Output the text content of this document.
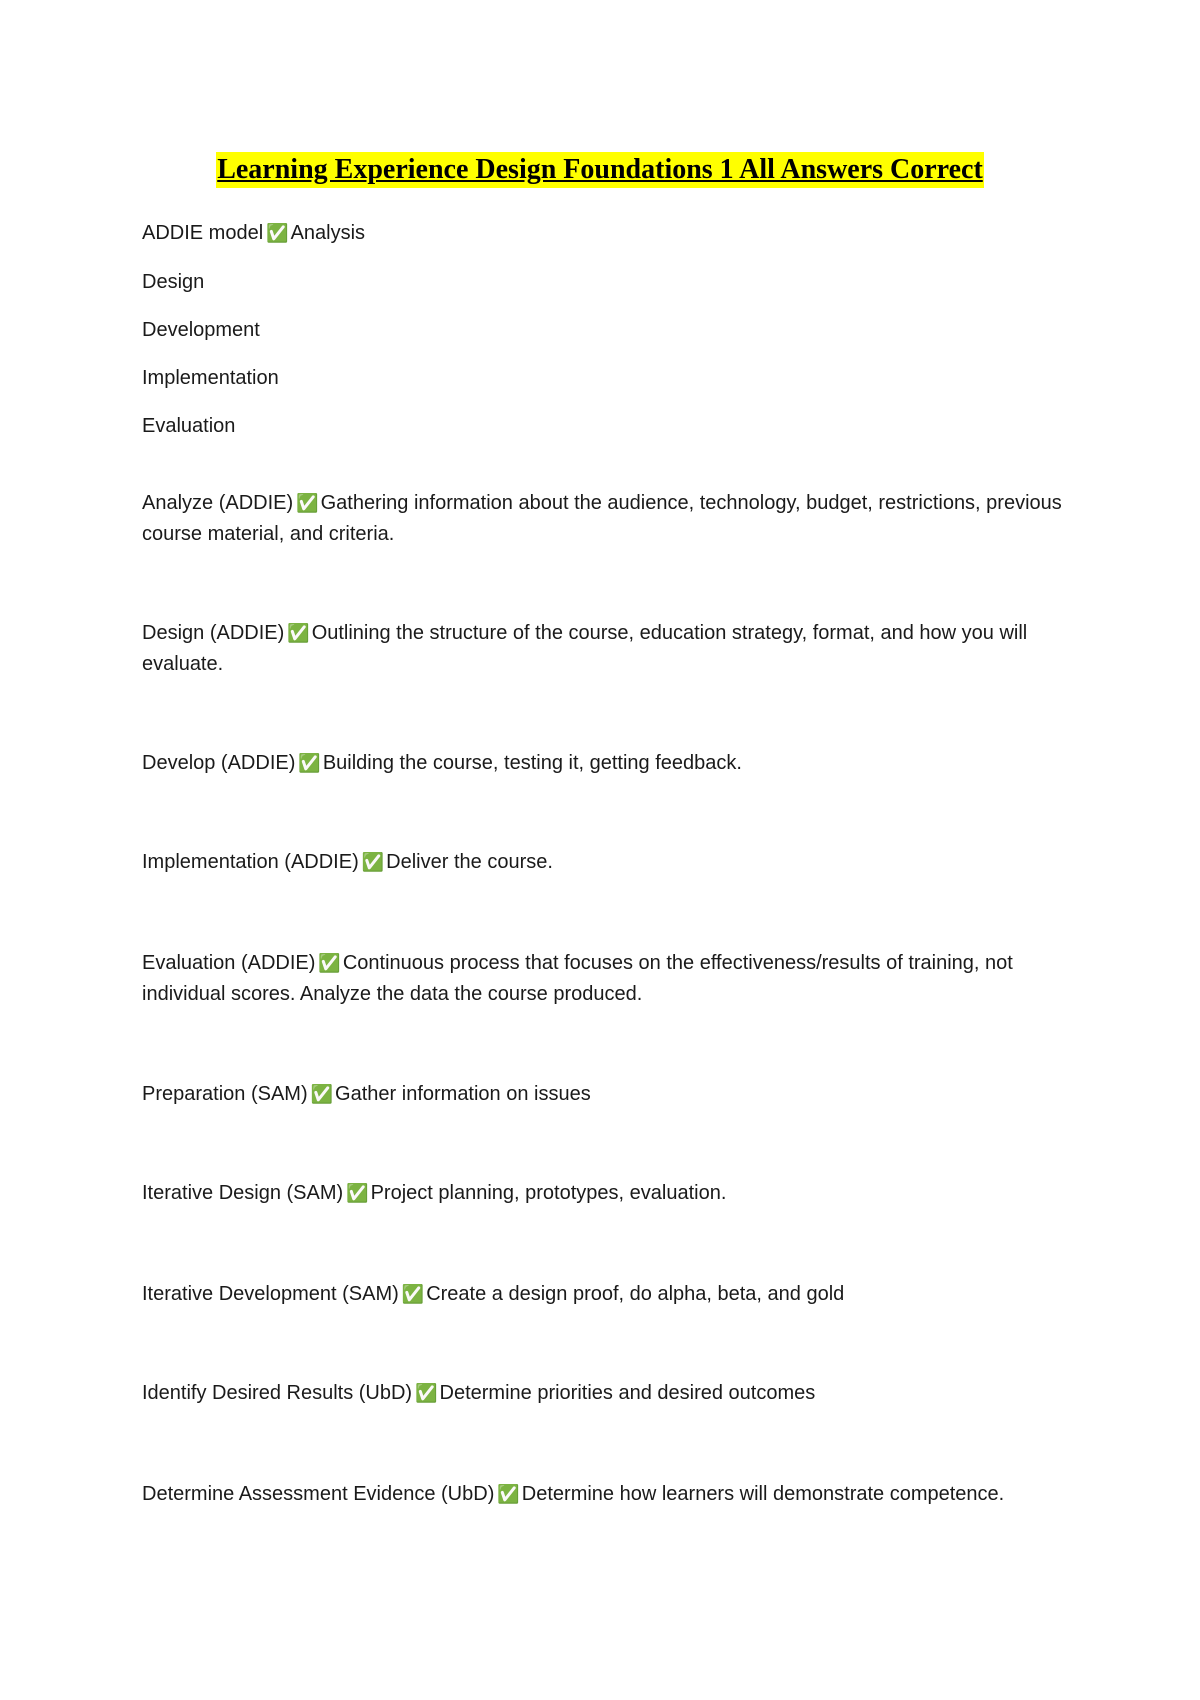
Learning Experience Design Foundations 1 All Answers Correct
ADDIE model ✅ Analysis
Design
Development
Implementation
Evaluation
Analyze (ADDIE) ✅ Gathering information about the audience, technology, budget, restrictions, previous course material, and criteria.
Design (ADDIE) ✅ Outlining the structure of the course, education strategy, format, and how you will evaluate.
Develop (ADDIE) ✅ Building the course, testing it, getting feedback.
Implementation (ADDIE) ✅ Deliver the course.
Evaluation (ADDIE) ✅ Continuous process that focuses on the effectiveness/results of training, not individual scores. Analyze the data the course produced.
Preparation (SAM) ✅ Gather information on issues
Iterative Design (SAM) ✅ Project planning, prototypes, evaluation.
Iterative Development (SAM) ✅ Create a design proof, do alpha, beta, and gold
Identify Desired Results (UbD) ✅ Determine priorities and desired outcomes
Determine Assessment Evidence (UbD) ✅ Determine how learners will demonstrate competence.
